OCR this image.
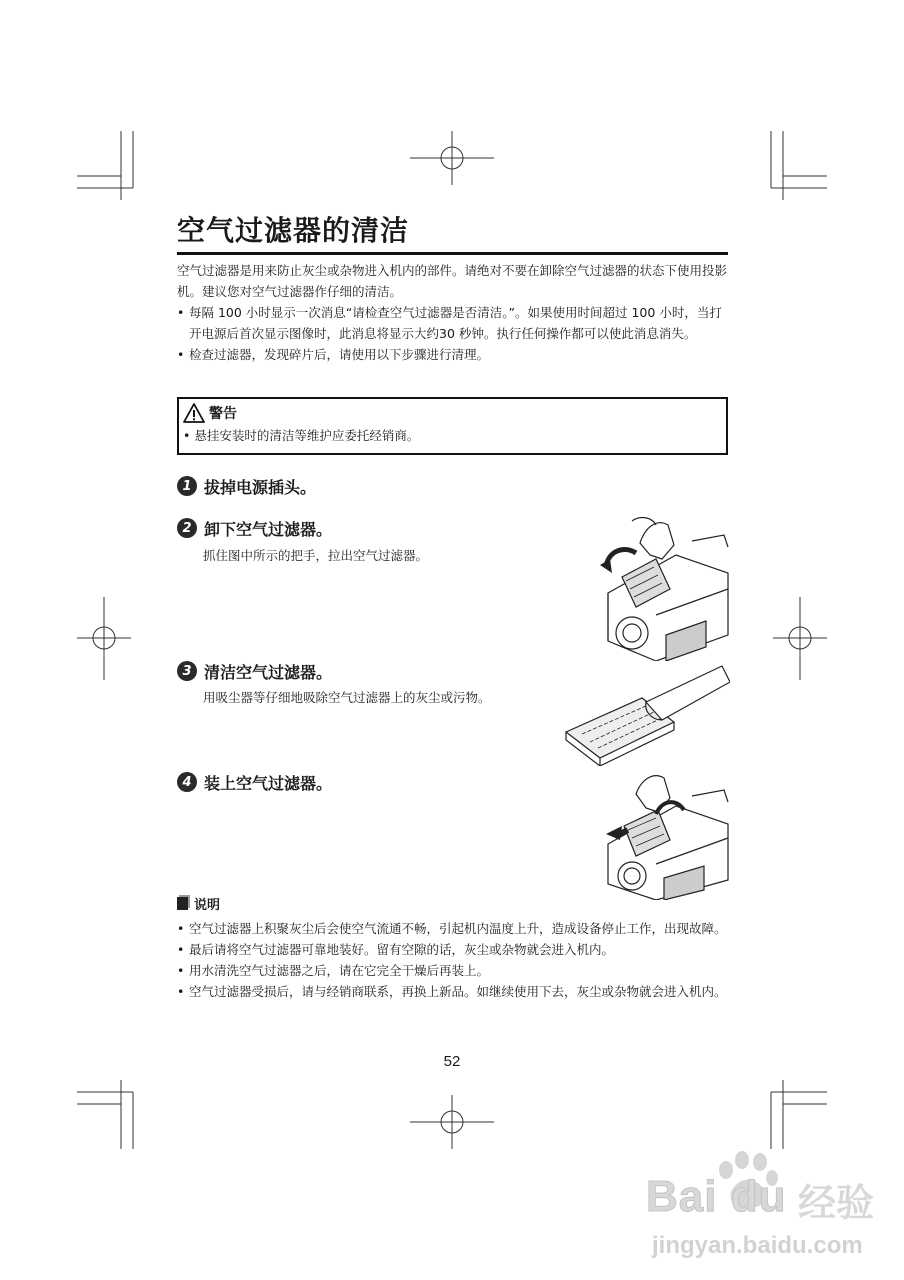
空气过滤器的清洁
空气过滤器是用来防止灰尘或杂物进入机内的部件。请绝对不要在卸除空气过滤器的状态下使用投影机。建议您对空气过滤器作仔细的清洁。
• 每隔 100 小时显示一次消息“请检查空气过滤器是否清洁。”。如果使用时间超过 100 小时，当打开电源后首次显示图像时，此消息将显示大约30 秒钟。执行任何操作都可以使此消息消失。
• 检查过滤器，发现碎片后，请使用以下步骤进行清理。
警告
• 悬挂安装时的清洁等维护应委托经销商。
1 拔掉电源插头。
2 卸下空气过滤器。
抓住图中所示的把手，拉出空气过滤器。
3 清洁空气过滤器。
用吸尘器等仔细地吸除空气过滤器上的灰尘或污物。
4 装上空气过滤器。
说明
• 空气过滤器上积聚灰尘后会使空气流通不畅，引起机内温度上升，造成设备停止工作，出现故障。
• 最后请将空气过滤器可靠地装好。留有空隙的话，灰尘或杂物就会进入机内。
• 用水清洗空气过滤器之后，请在它完全干燥后再装上。
• 空气过滤器受损后，请与经销商联系，再换上新品。如继续使用下去，灰尘或杂物就会进入机内。
52
Bai du 经验
jingyan.baidu.com
